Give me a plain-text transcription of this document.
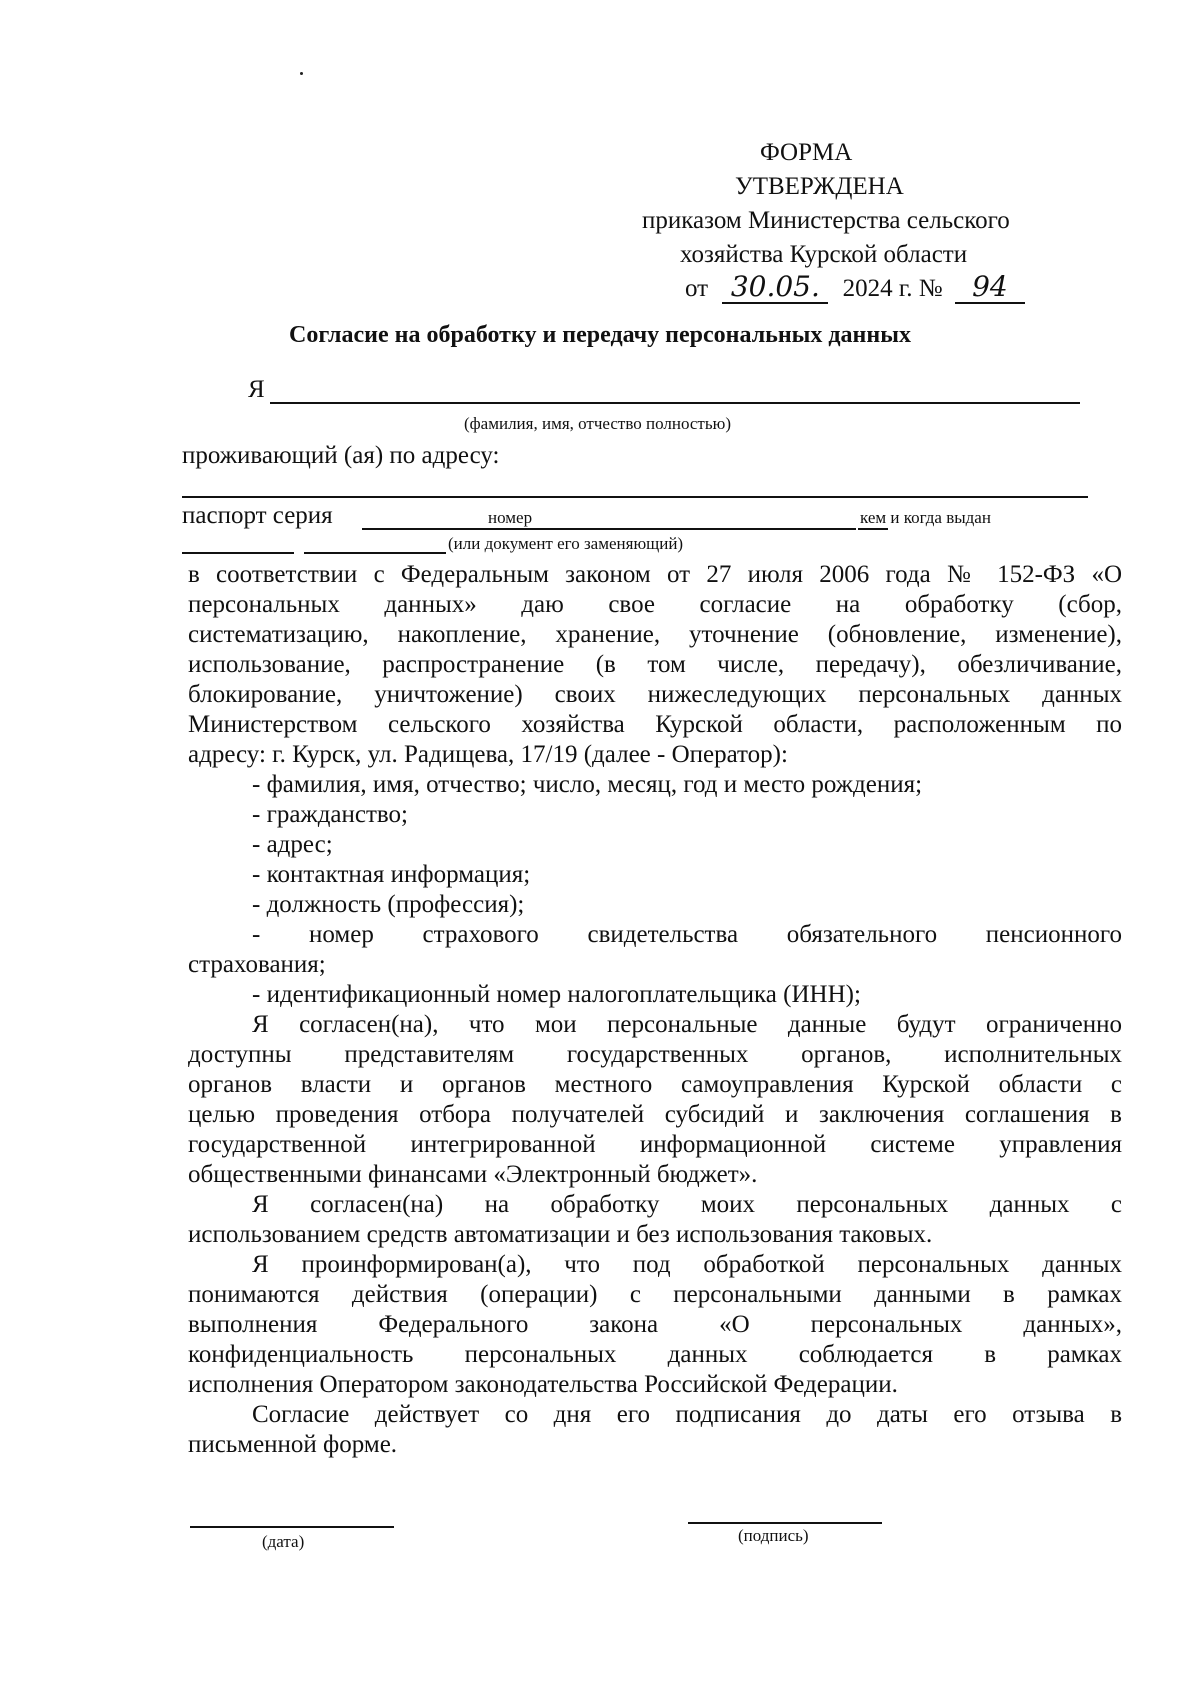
ФОРМА
УТВЕРЖДЕНА
приказом Министерства сельского
хозяйства Курской области
от 30.05. 2024 г. № 94
Согласие на обработку и передачу персональных данных
Я
(фамилия, имя, отчество полностью)
проживающий (ая) по адресу:
паспорт серия	номер	кем и когда выдан
(или документ его заменяющий)

в соответствии с Федеральным законом от 27 июля 2006 года № 152-ФЗ «О

персональных данных» даю свое согласие на обработку (сбор,

систематизацию, накопление, хранение, уточнение (обновление, изменение),

использование, распространение (в том числе, передачу), обезличивание,

блокирование, уничтожение) своих нижеследующих персональных данных

Министерством сельского хозяйства Курской области, расположенным по

адресу: г. Курск, ул. Радищева, 17/19 (далее - Оператор):

- фамилия, имя, отчество; число, месяц, год и место рождения;

- гражданство;

- адрес;

- контактная информация;

- должность (профессия);

- номер страхового свидетельства обязательного пенсионного

страхования;

- идентификационный номер налогоплательщика (ИНН);

Я согласен(на), что мои персональные данные будут ограниченно

доступны представителям государственных органов, исполнительных

органов власти и органов местного самоуправления Курской области с

целью проведения отбора получателей субсидий и заключения соглашения в

государственной интегрированной информационной системе управления

общественными финансами «Электронный бюджет».

Я согласен(на) на обработку моих персональных данных с

использованием средств автоматизации и без использования таковых.

Я проинформирован(а), что под обработкой персональных данных

понимаются действия (операции) с персональными данными в рамках

выполнения Федерального закона «О персональных данных»,

конфиденциальность персональных данных соблюдается в рамках

исполнения Оператором законодательства Российской Федерации.

Согласие действует со дня его подписания до даты его отзыва в

письменной форме.

(дата)	(подпись)
